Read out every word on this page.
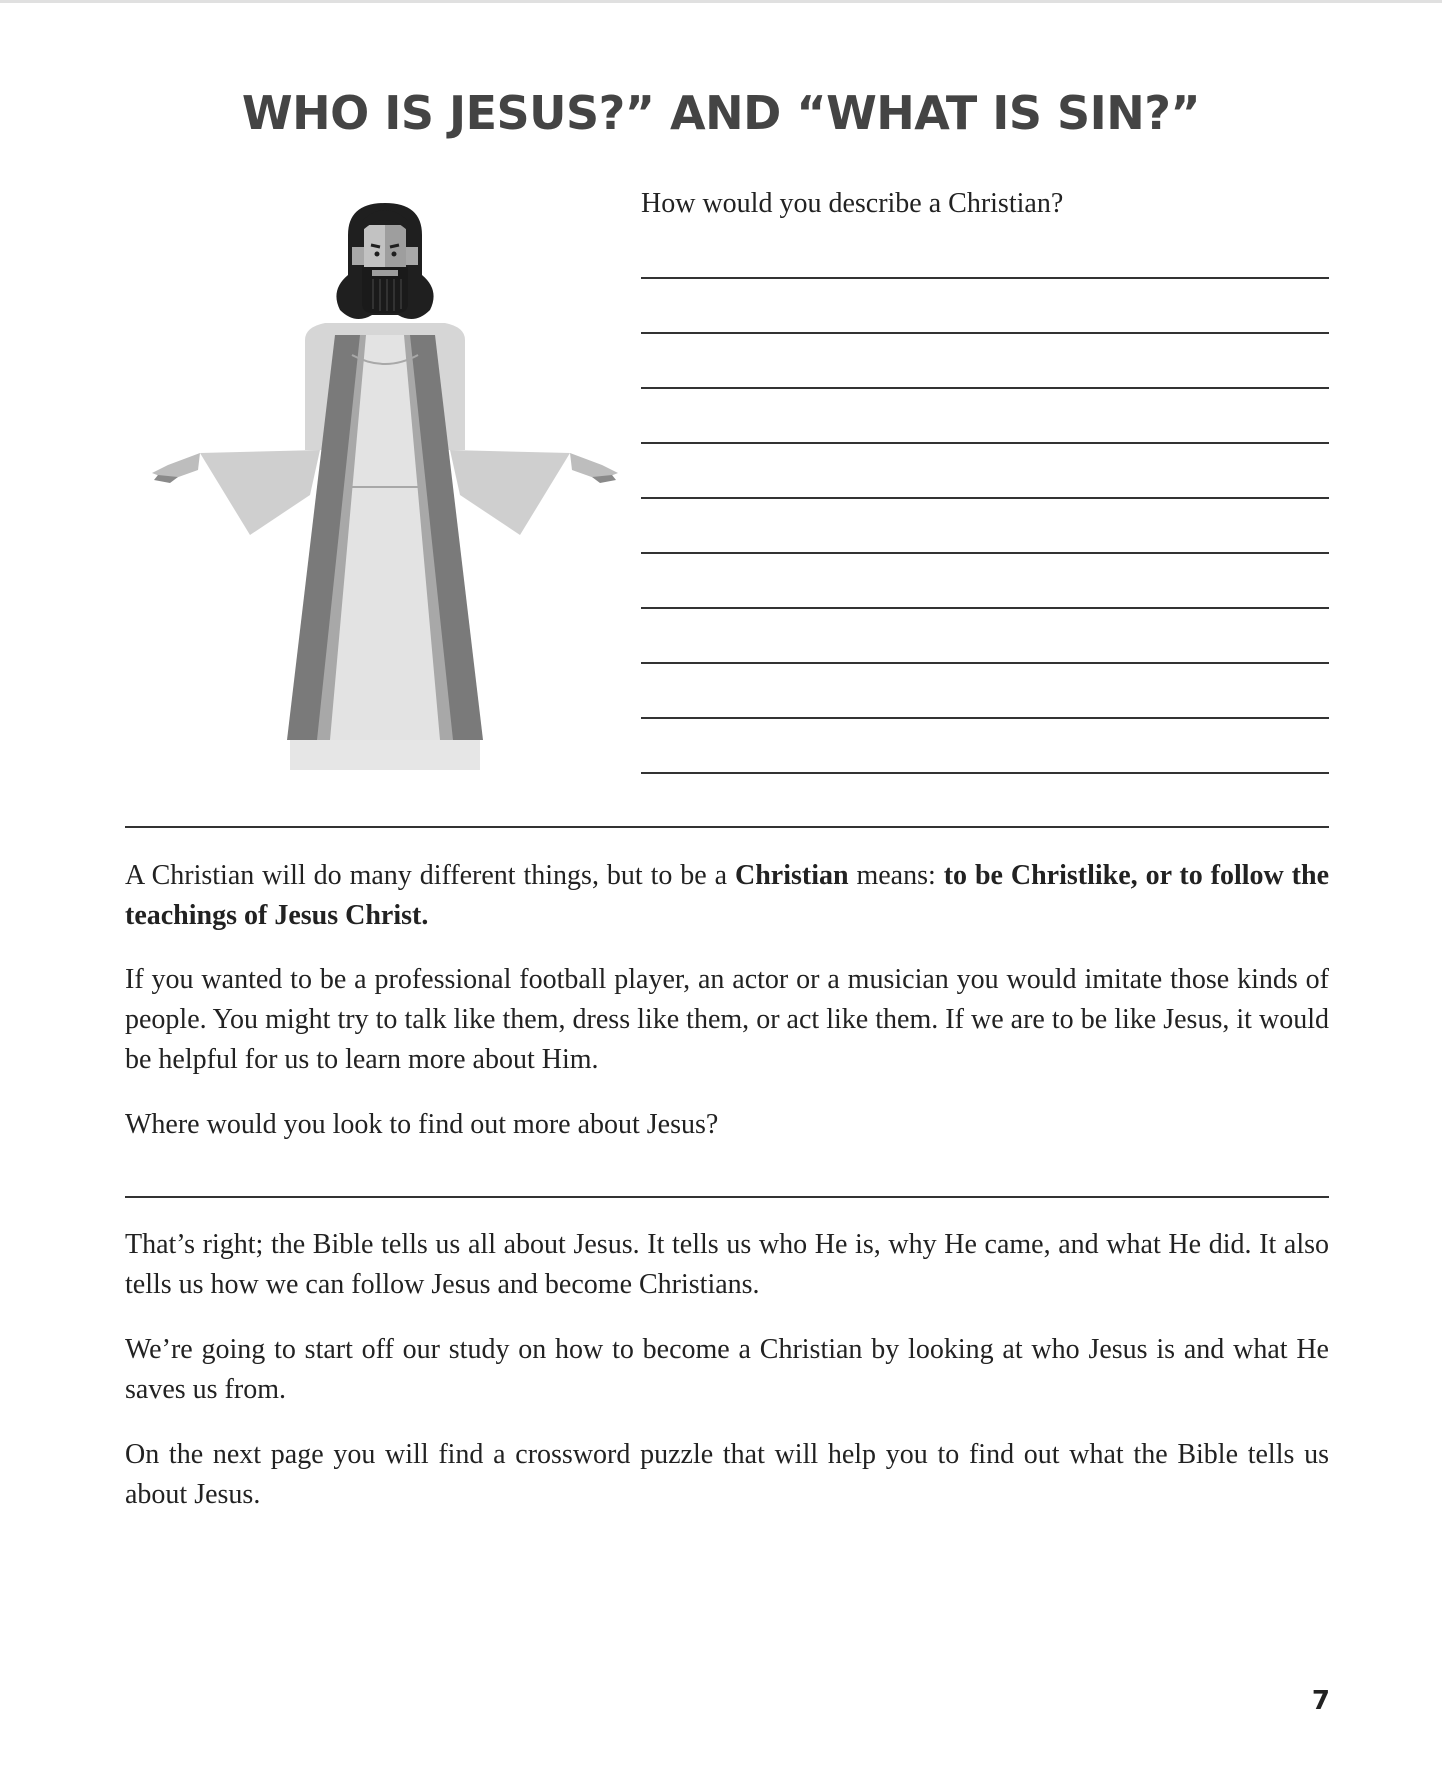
WHO IS JESUS?” AND “WHAT IS SIN?”

How would you describe a Christian?

A Christian will do many different things, but to be a Christian means: to be Christlike, or to follow the teachings of Jesus Christ.

If you wanted to be a professional football player, an actor or a musician you would imitate those kinds of people. You might try to talk like them, dress like them, or act like them. If we are to be like Jesus, it would be helpful for us to learn more about Him.

Where would you look to find out more about Jesus?

That’s right; the Bible tells us all about Jesus. It tells us who He is, why He came, and what He did. It also tells us how we can follow Jesus and become Christians.

We’re going to start off our study on how to become a Christian by looking at who Jesus is and what He saves us from.

On the next page you will find a crossword puzzle that will help you to find out what the Bible tells us about Jesus.

7
